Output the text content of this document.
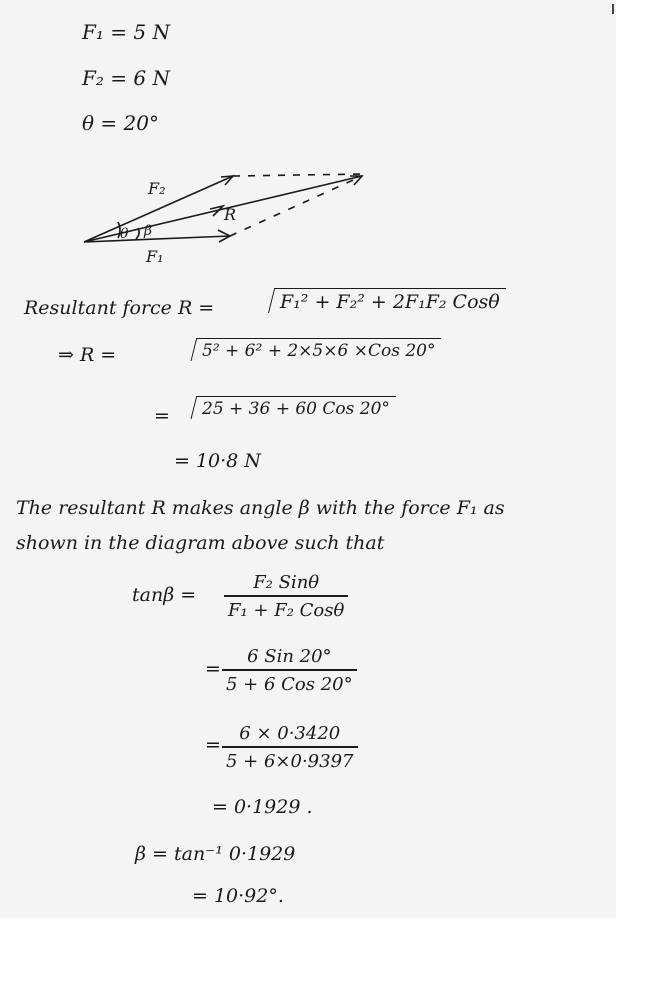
F₁ = 5 N
F₂ = 6 N
θ = 20°
F₂
R
θ β
F₁
Resultant force R =	F₁² + F₂² + 2F₁F₂ Cosθ
⇒ R =	5² + 6² + 2×5×6 ×Cos 20°
=	25 + 36 + 60 Cos 20°
= 10·8 N
The resultant R makes angle β with the force F₁ as
shown in the diagram above such that
tanβ =
F₂ Sinθ
F₁ + F₂ Cosθ
=
6 Sin 20°
5 + 6 Cos 20°
=
6 × 0·3420
5 + 6×0·9397
= 0·1929 .
β = tan⁻¹ 0·1929
= 10·92°.
